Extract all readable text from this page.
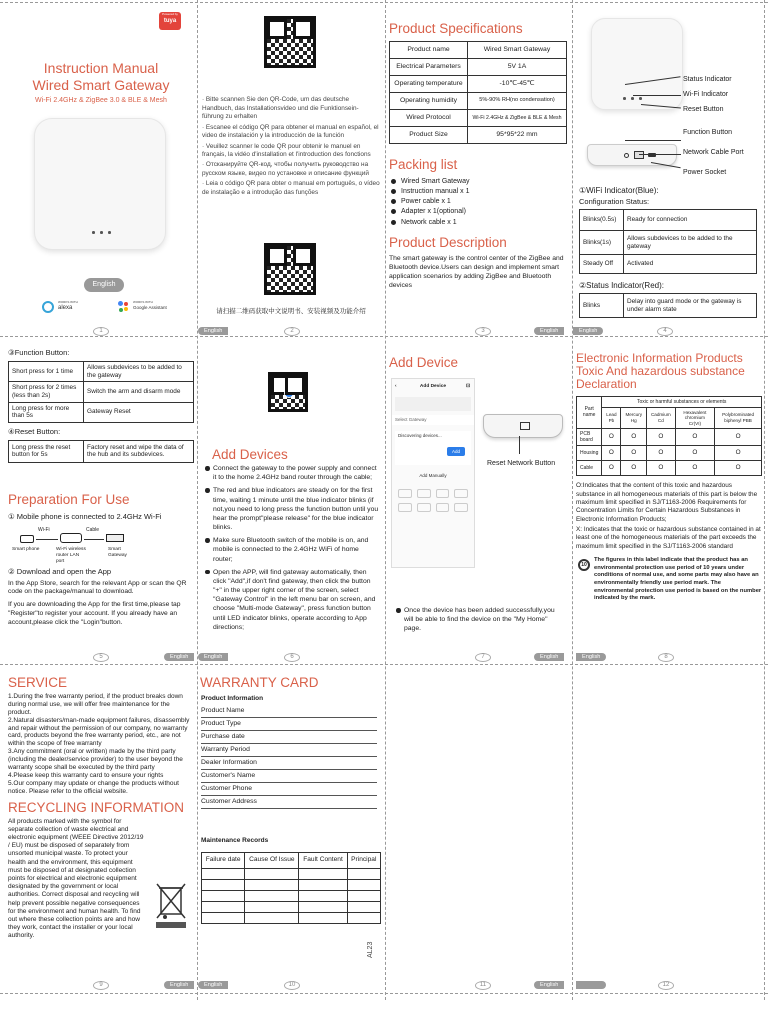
Powered by
tuya
Instruction Manual
Wired Smart Gateway
Wi-Fi 2.4GHz & ZigBee 3.0 & BLE & Mesh
English
WORKS WITH
alexa
WORKS WITH
Google Assistant
1

· Bitte scannen Sie den QR-Code, um das deutsche Handbuch, das Installationsvideo und die Funktionsein- führung zu erhalten

· Escanee el código QR para obtener el manual en español, el video de instalación y la introducción de la función

· Veuillez scanner le code QR pour obtenir le manuel en français, la vidéo d'installation et l'introduction des fonctions

· Отсканируйте QR-код, чтобы получить руководство на русском языке, видео по установке и описание функций

· Leia o código QR para obter o manual em português, o vídeo de instalação e a introdução das funções

请扫描二维码获取中文说明书、安装视频及功能介绍
English	2
Product Specifications
Product name	Wired Smart Gateway
Electrical Parameters	5V 1A
Operating temperature	-10℃-45℃
Operating humidity	5%-90% RH(no condensation)
Wired Protocol	Wi-Fi 2.4GHz & ZigBee & BLE & Mesh
Product Size	95*95*22 mm
Packing list
Wired Smart Gateway
Instruction manual x 1
Power cable x 1
Adapter x 1(optional)
Network cable x 1
Product Description

The smart gateway is the control center of the ZigBee and Bluetooth device.Users can design and implement smart application scenarios by adding ZigBee and Bluetooth devices

English
3
Status Indicator
Wi-Fi Indicator
Reset Button
Function Button
Network Cable Port
Power Socket
①WiFi Indicator(Blue):
Configuration Status:
Blinks(0.5s)	Ready for connection
Blinks(1s)	Allows subdevices to be added to the gateway
Steady Off	Activated
②Status Indicator(Red):
Blinks	Delay into guard mode or the gateway is under alarm state
English	4
③Function Button:
Short press for 1 time	Allows subdevices to be added to the gateway
Short press for 2 times (less than 2s)	Switch the arm and disarm mode
Long press for more than 5s	Gateway Reset
④Reset Button:
Long press the reset button for 5s	Factory reset and wipe the data of the hub and its subdevices.
Preparation For Use
① Mobile phone is connected to 2.4GHz Wi-Fi
Wi-Fi	Cable
Smart phone	Wi-Fi wireless router LAN port
Smart Gateway
② Download and open the App

In the App Store, search for the relevant App or scan the QR code on the package/manual to download.

If you are downloading the App for the first time,please tap "Register"to register your account. If you already have an account,please click the "Login"button.

5	English
Add Devices
Connect the gateway to the power supply and connect it to the home 2.4GHz band router through the cable;
The red and blue indicators are steady on for the first time, waiting 1 minute until the blue indicator blinks (if not,you need to long press the function button until you hear the prompt"please release" for the blue indicator blinks.
Make sure Bluetooth switch of the mobile is on, and mobile is connected to the 2.4GHz WiFi of home router;
Open the APP, will find gateway automatically, then click "Add",if don't find gateway, then click the button "+" in the upper right corner of the screen, select "Gateway Control" in the left menu bar on screen, and choose "Multi-mode Gateway", press function button until LED indicator blinks, operate according to App directions;
English	6
Add Device
‹	Add Device	⊡
Select Gateway
Discovering devices...
Add
Add Manually
Reset Network Button
Once the device has been added successfully,you will be able to find the device on the "My Home" page.
7	English
Electronic Information Products Toxic And hazardous substance Declaration
Part name	Toxic or harmful substances or elements				
	Lead Pb	Mercury Hg	Cadmium Cd	Hexavalent chromium Cr(VI)	Polybrominated biphenyl PBB
PCB board	O	O	O	O	O
Housing	O	O	O	O	O
Cable	O	O	O	O	O

O:Indicates that the content of this toxic and hazardous substance in all homogeneous materials of this part is below the maximum limit specified in SJ/T1163-2006 Requirements for Concentration Limits for Certain Hazardous Substances in Electronic Information Products;

X: Indicates that the toxic or hazardous substance contained in at least one of the homogeneous materials of the part exceeds the maximum limit specified in the SJ/T1163-2006 standard

10

The figures in this label indicate that the product has an environmental protection use period of 10 years under conditions of normal use, and some parts may also have an environmentally friendly use period mark. The environmental protection use period is based on the number indicated by the mark.

English	8
SERVICE

1.During the free warranty period, if the product breaks down during normal use, we will offer free maintenance for the product.

2.Natural disasters/man-made equipment failures, disassembly and repair without the permission of our company, no warranty card, products beyond the free warranty period, etc., are not within the scope of free warranty

3.Any commitment (oral or written) made by the third party (including the dealer/service provider) to the user beyond the warranty scope shall be executed by the third party

4.Please keep this warranty card to ensure your rights

5.Our company may update or change the products without notice. Please refer to the official website.

RECYCLING INFORMATION

All products marked with the symbol for separate collection of waste electrical and electronic equipment (WEEE Directive 2012/19 / EU) must be disposed of separately from unsorted municipal waste. To protect your health and the environment, this equipment must be disposed of at designated collection points for electrical and electronic equipment designated by the government or local authorities. Correct disposal and recycling will help prevent possible negative consequences for the environment and human health. To find out where these collection points are and how they work, contact the installer or your local authority.

9	English
WARRANTY CARD
Product Information
Product Name
Product Type
Purchase date
Warranty Period
Dealer Information
Customer's Name
Customer Phone
Customer Address
Maintenance Records
Failure date	Cause Of Issue	Fault Content	Principal

AL23
English	10	11	English	12
